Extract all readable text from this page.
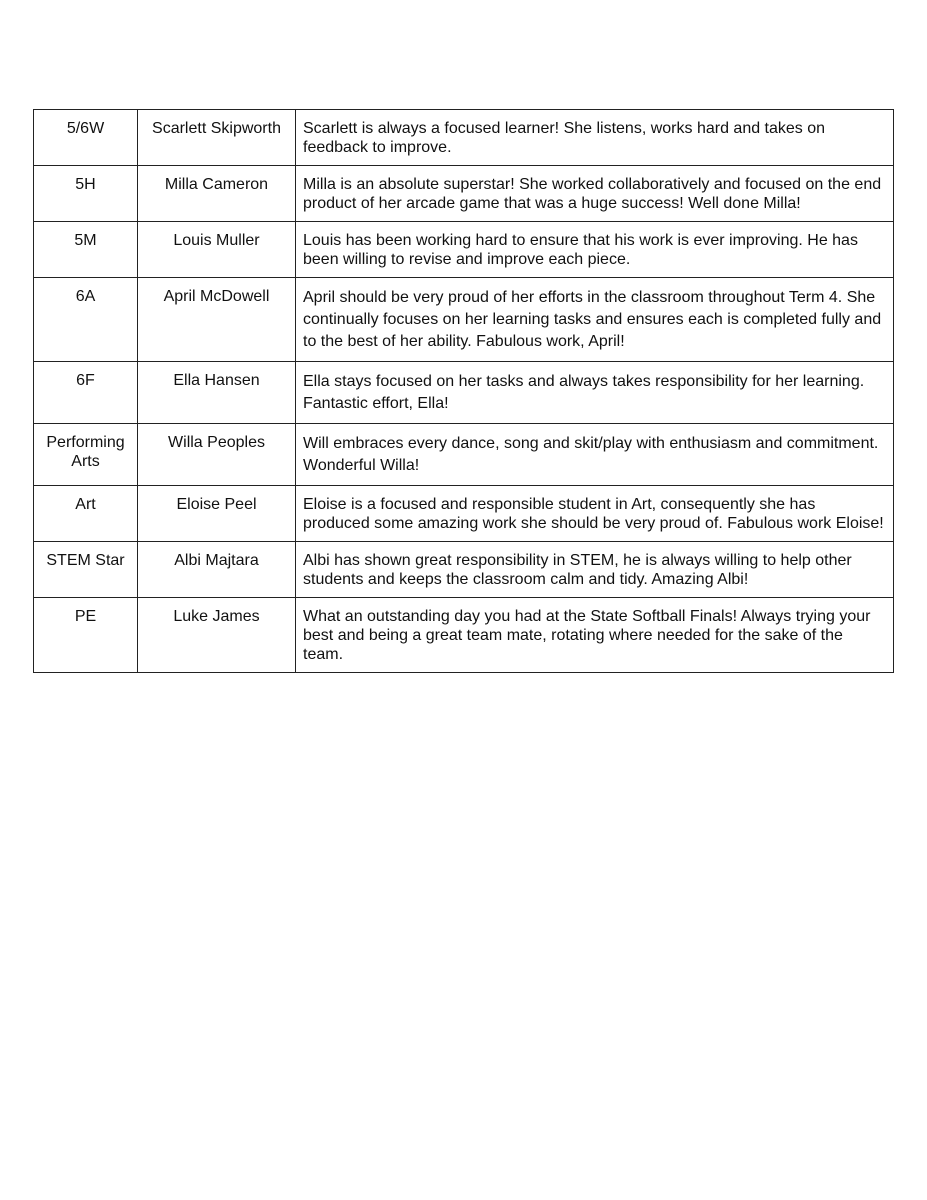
5/6W	Scarlett Skipworth	Scarlett is always a focused learner! She listens, works hard and takes on feedback to improve.
5H	Milla Cameron	Milla is an absolute superstar! She worked collaboratively and focused on the end product of her arcade game that was a huge success! Well done Milla!
5M	Louis Muller	Louis has been working hard to ensure that his work is ever improving. He has been willing to revise and improve each piece.
6A	April McDowell	April should be very proud of her efforts in the classroom throughout Term 4. She continually focuses on her learning tasks and ensures each is completed fully and to the best of her ability. Fabulous work, April!
6F	Ella Hansen	Ella stays focused on her tasks and always takes responsibility for her learning. Fantastic effort, Ella!
Performing Arts	Willa Peoples	Will embraces every dance, song and skit/play with enthusiasm and commitment. Wonderful Willa!
Art	Eloise Peel	Eloise is a focused and responsible student in Art, consequently she has produced some amazing work she should be very proud of. Fabulous work Eloise!
STEM Star	Albi Majtara	Albi has shown great responsibility in STEM, he is always willing to help other students and keeps the classroom calm and tidy. Amazing Albi!
PE	Luke James	What an outstanding day you had at the State Softball Finals! Always trying your best and being a great team mate, rotating where needed for the sake of the team.
